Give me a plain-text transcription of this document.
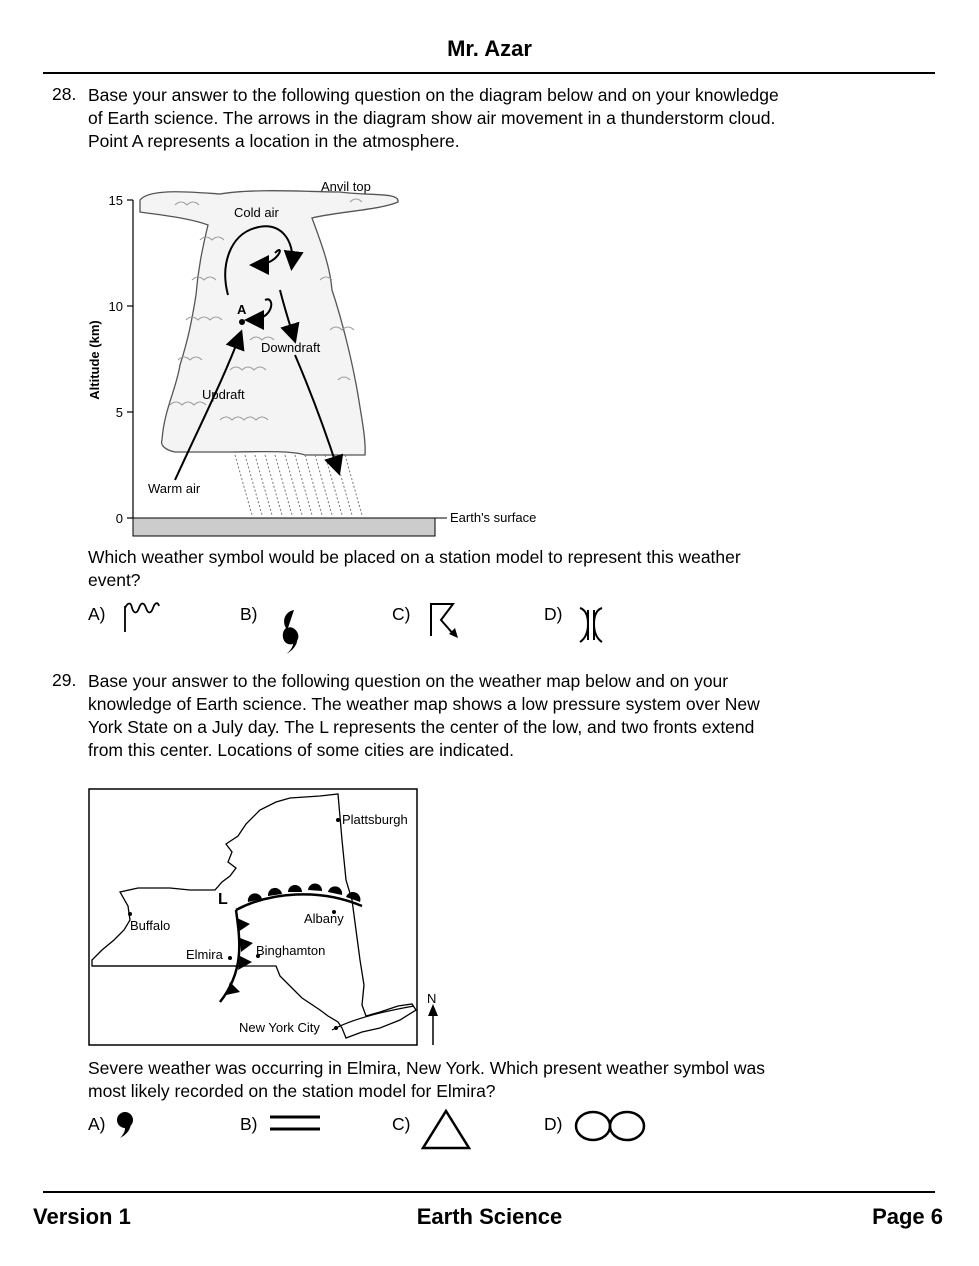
Mr. Azar
28. Base your answer to the following question on the diagram below and on your knowledge
of Earth science. The arrows in the diagram show air movement in a thunderstorm cloud.
Point A represents a location in the atmosphere.
15
10
5
0
Altitude (km)
Anvil top
Cold air
A
Downdraft
Updraft
Warm air
Earth's surface
Which weather symbol would be placed on a station model to represent this weather
event?
A)	B)	C)	D)
29. Base your answer to the following question on the weather map below and on your
knowledge of Earth science. The weather map shows a low pressure system over New
York State on a July day. The L represents the center of the low, and two fronts extend
from this center. Locations of some cities are indicated.
L
Plattsburgh
Buffalo	Albany
Elmira	Binghamton
New York City
N
Severe weather was occurring in Elmira, New York. Which present weather symbol was
most likely recorded on the station model for Elmira?
A)	B)	C)	D)
Version 1	Earth Science	Page 6
